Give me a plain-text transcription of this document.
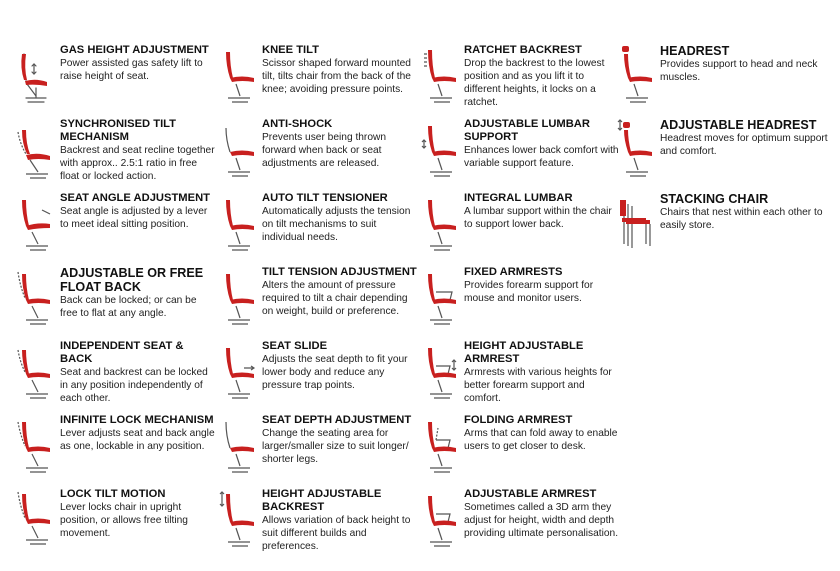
GAS HEIGHT ADJUSTMENT
Power assisted gas safety lift to raise height of seat.
SYNCHRONISED TILT MECHANISM
Backrest and seat recline together with approx.. 2.5:1 ratio in free float or locked action.
SEAT ANGLE ADJUSTMENT
Seat angle is adjusted by a lever to meet ideal sitting position.
ADJUSTABLE OR FREE FLOAT BACK
Back can be locked; or can be free to flat at any angle.
INDEPENDENT SEAT & BACK
Seat and backrest can be locked in any position independently of each other.
INFINITE LOCK MECHANISM
Lever adjusts seat and back angle as one, lockable in any position.
LOCK TILT MOTION
Lever locks chair in upright position, or allows free tilting movement.
KNEE TILT
Scissor shaped forward mounted tilt, tilts chair from the back of the knee; avoiding pressure points.
ANTI-SHOCK
Prevents user being thrown forward when back or seat adjustments are released.
AUTO TILT TENSIONER
Automatically adjusts the tension on tilt mechanisms to suit individual needs.
TILT TENSION ADJUSTMENT
Alters the amount of pressure required to tilt a chair depending on weight, build or preference.
SEAT SLIDE
Adjusts the seat depth to fit your lower body and reduce any pressure trap points.
SEAT DEPTH ADJUSTMENT
Change the seating area for larger/smaller size to suit longer/ shorter legs.
HEIGHT ADJUSTABLE BACKREST
Allows variation of back height to suit different builds and preferences.
RATCHET BACKREST
Drop the backrest to the lowest position and as you lift it to different heights, it locks on a ratchet.
ADJUSTABLE LUMBAR SUPPORT
Enhances lower back comfort with variable support feature.
INTEGRAL LUMBAR
A lumbar support within the chair to support lower back.
FIXED ARMRESTS
Provides forearm support for mouse and monitor users.
HEIGHT ADJUSTABLE ARMREST
Armrests with various heights for better forearm support and comfort.
FOLDING ARMREST
Arms that can fold away to enable users to get closer to desk.
ADJUSTABLE ARMREST
Sometimes called a 3D arm they adjust for height, width and depth providing ultimate personalisation.
HEADREST
Provides support to head and neck muscles.
ADJUSTABLE HEADREST
Headrest moves for optimum support and comfort.
STACKING CHAIR
Chairs that nest within each other to easily store.
